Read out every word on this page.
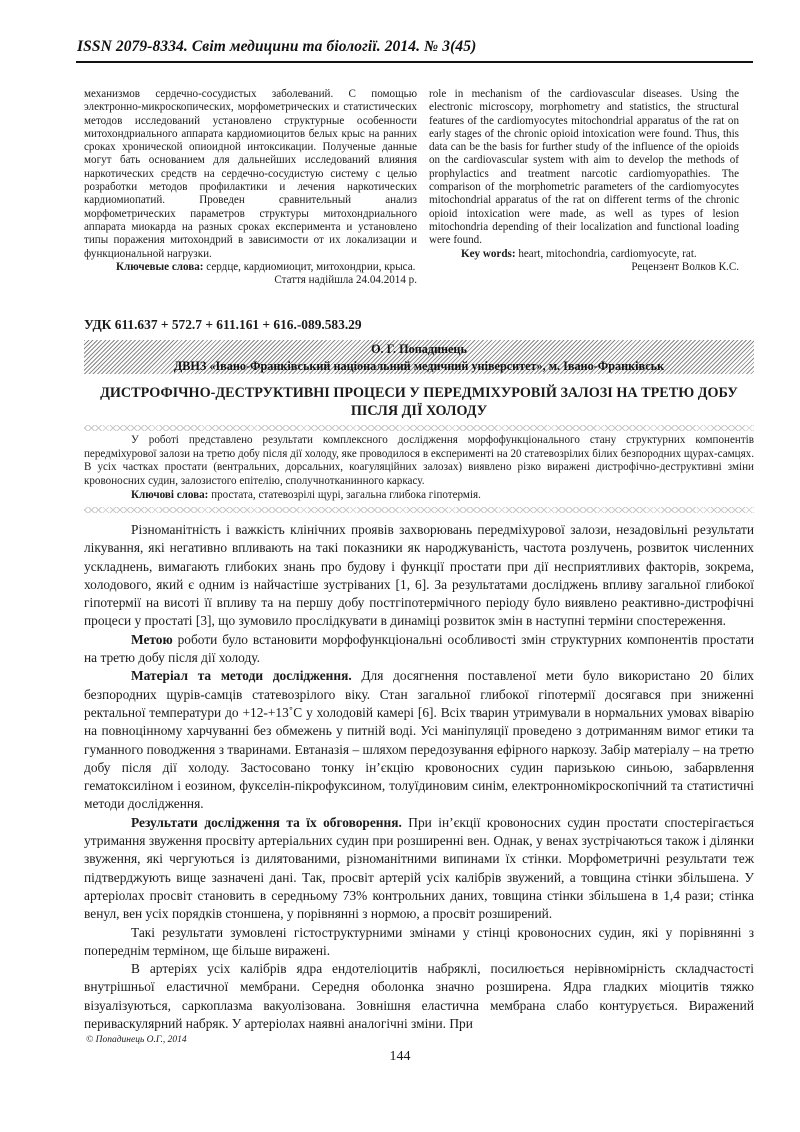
ISSN 2079-8334. Світ медицини та біології. 2014. № 3(45)

механизмов сердечно-сосудистых заболеваний. С помощью электронно-микроскопических, морфометрических и статистических методов исследований установлено структурные особенности митохондриального аппарата кардиомиоцитов белых крыс на ранних сроках хронической опиоидной интоксикации. Полученые данные могут бать основанием для дальнейших исследований влияния наркотических средств на сердечно-сосудистую систему с целью розработки методов профилактики и лечения наркотических кардиомиопатий. Проведен сравнительный анализ морфометрических параметров структуры митохондриального аппарата миокарда на разных сроках експеримента и установлено типы поражения митохондрий в зависимости от их локализации и функциональной нагрузки.

Ключевые слова: сердце, кардиомиоцит, митохондрии, крыса.

Стаття надійшла 24.04.2014 р.

role in mechanism of the cardiovascular diseases. Using the electronic microscopy, morphometry and statistics, the structural features of the cardiomyocytes mitochondrial apparatus of the rat on early stages of the chronic opioid intoxication were found. Thus, this data can be the basis for further study of the influence of the opioids on the cardiovascular system with aim to develop the methods of prophylactics and treatment narcotic cardiomyopathies. The comparison of the morphometric parameters of the cardiomyocytes mitochondrial apparatus of the rat on different terms of the chronic opioid intoxication were made, as well as types of lesion mitochondria depending of their localization and functional loading were found.

Key words: heart, mitochondria, cardiomyocyte, rat.

Рецензент Волков К.С.

УДК 611.637 + 572.7 + 611.161 + 616.-089.583.29
О. Г. Попадинець
ДВНЗ «Івано-Франківський національний медичний університет», м. Івано-Франківськ
ДИСТРОФІЧНО-ДЕСТРУКТИВНІ ПРОЦЕСИ У ПЕРЕДМІХУРОВІЙ ЗАЛОЗІ НА ТРЕТЮ ДОБУ ПІСЛЯ ДІЇ ХОЛОДУ

У роботі представлено результати комплексного дослідження морфофункціонального стану структурних компонентів передміхурової залози на третю добу після дії холоду, яке проводилося в експерименті на 20 статевозрілих білих безпородних щурах-самцях. В усіх частках простати (вентральних, дорсальних, коагуляційних залозах) виявлено різко виражені дистрофічно-деструктивні зміни кровоносних судин, залозистого епітелію, сполучнотканинного каркасу.

Ключові слова: простата, статевозрілі щурі, загальна глибока гіпотермія.

Різноманітність і важкість клінічних проявів захворювань передміхурової залози, незадовільні результати лікування, які негативно впливають на такі показники як народжуваність, частота розлучень, розвиток численних ускладнень, вимагають глибоких знань про будову і функції простати при дії несприятливих факторів, зокрема, холодового, який є одним із найчастіше зустріваних [1, 6]. За результатами досліджень впливу загальної глибокої гіпотермії на висоті її впливу та на першу добу постгіпотермічного періоду було виявлено реактивно-дистрофічні процеси у простаті [3], що зумовило прослідкувати в динаміці розвиток змін в наступні терміни спостереження.

Метою роботи було встановити морфофункціональні особливості змін структурних компонентів простати на третю добу після дії холоду.

Матеріал та методи дослідження. Для досягнення поставленої мети було використано 20 білих безпородних щурів-самців статевозрілого віку. Стан загальної глибокої гіпотермії досягався при зниженні ректальної температури до +12-+13˚С у холодовій камері [6]. Всіх тварин утримували в нормальних умовах віварію на повноцінному харчуванні без обмежень у питній воді. Усі маніпуляції проведено з дотриманням вимог етики та гуманного поводження з тваринами. Евтаназія – шляхом передозування ефірного наркозу. Забір матеріалу – на третю добу після дії холоду. Застосовано тонку ін’єкцію кровоносних судин паризькою синьою, забарвлення гематоксиліном і еозином, фукселін-пікрофуксином, толуїдиновим синім, електронномікроскопічний та статистичні методи дослідження.

Результати дослідження та їх обговорення. При ін’єкції кровоносних судин простати спостерігається утримання звуження просвіту артеріальних судин при розширенні вен. Однак, у венах зустрічаються також і ділянки звуження, які чергуються із дилятованими, різноманітними випинами їх стінки. Морфометричні результати теж підтверджують вище зазначені дані. Так, просвіт артерій усіх калібрів звужений, а товщина стінки збільшена. У артеріолах просвіт становить в середньому 73% контрольних даних, товщина стінки збільшена в 1,4 рази; стінка венул, вен усіх порядків стоншена, у порівнянні з нормою, а просвіт розширений.

Такі результати зумовлені гістоструктурними змінами у стінці кровоносних судин, які у порівнянні з попереднім терміном, ще більше виражені.

В артеріях усіх калібрів ядра ендотеліоцитів набряклі, посилюється нерівномірність складчастості внутрішньої еластичної мембрани. Середня оболонка значно розширена. Ядра гладких міоцитів тяжко візуалізуються, саркоплазма вакуолізована. Зовнішня еластична мембрана слабо контурується. Виражений периваскулярний набряк. У артеріолах наявні аналогічні зміни. При

© Попадинець О.Г., 2014
144
